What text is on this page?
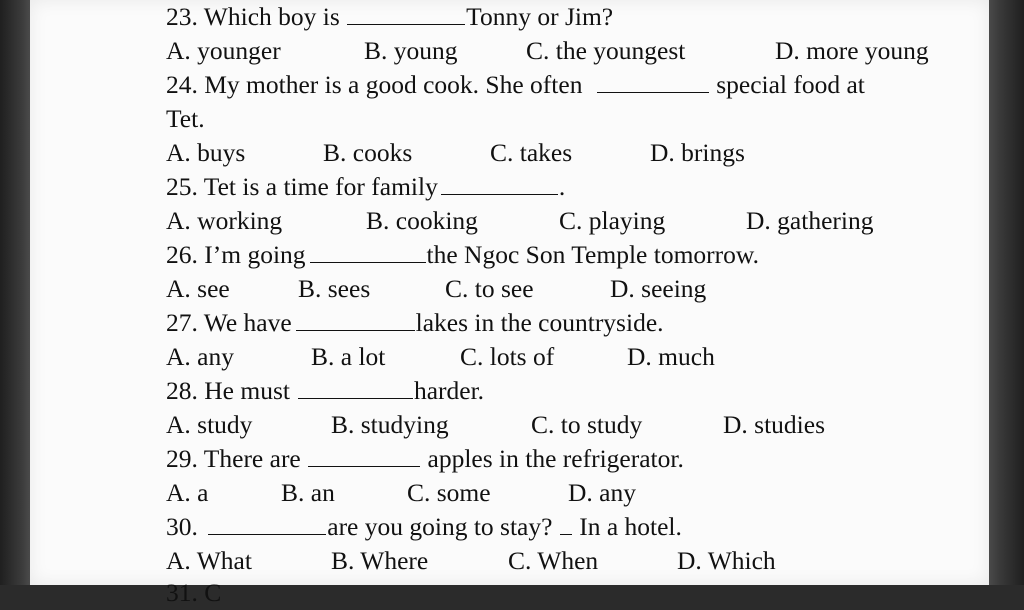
23. Which boy is	Tonny or Jim?
A. younger	B. young	C. the youngest	D. more young
24. My mother is a good cook. She often	special food at
Tet.
A. buys	B. cooks	C. takes	D. brings
25. Tet is a time for family	.
A. working	B. cooking	C. playing	D. gathering
26. I’m going	the Ngoc Son Temple tomorrow.
A. see	B. sees	C. to see	D. seeing
27. We have	lakes in the countryside.
A. any	B. a lot	C. lots of	D. much
28. He must	harder.
A. study	B. studying	C. to study	D. studies
29. There are	apples in the refrigerator.
A. a	B. an	C. some	D. any
30.	are you going to stay? In a hotel.
A. What	B. Where	C. When	D. Which
31. C
